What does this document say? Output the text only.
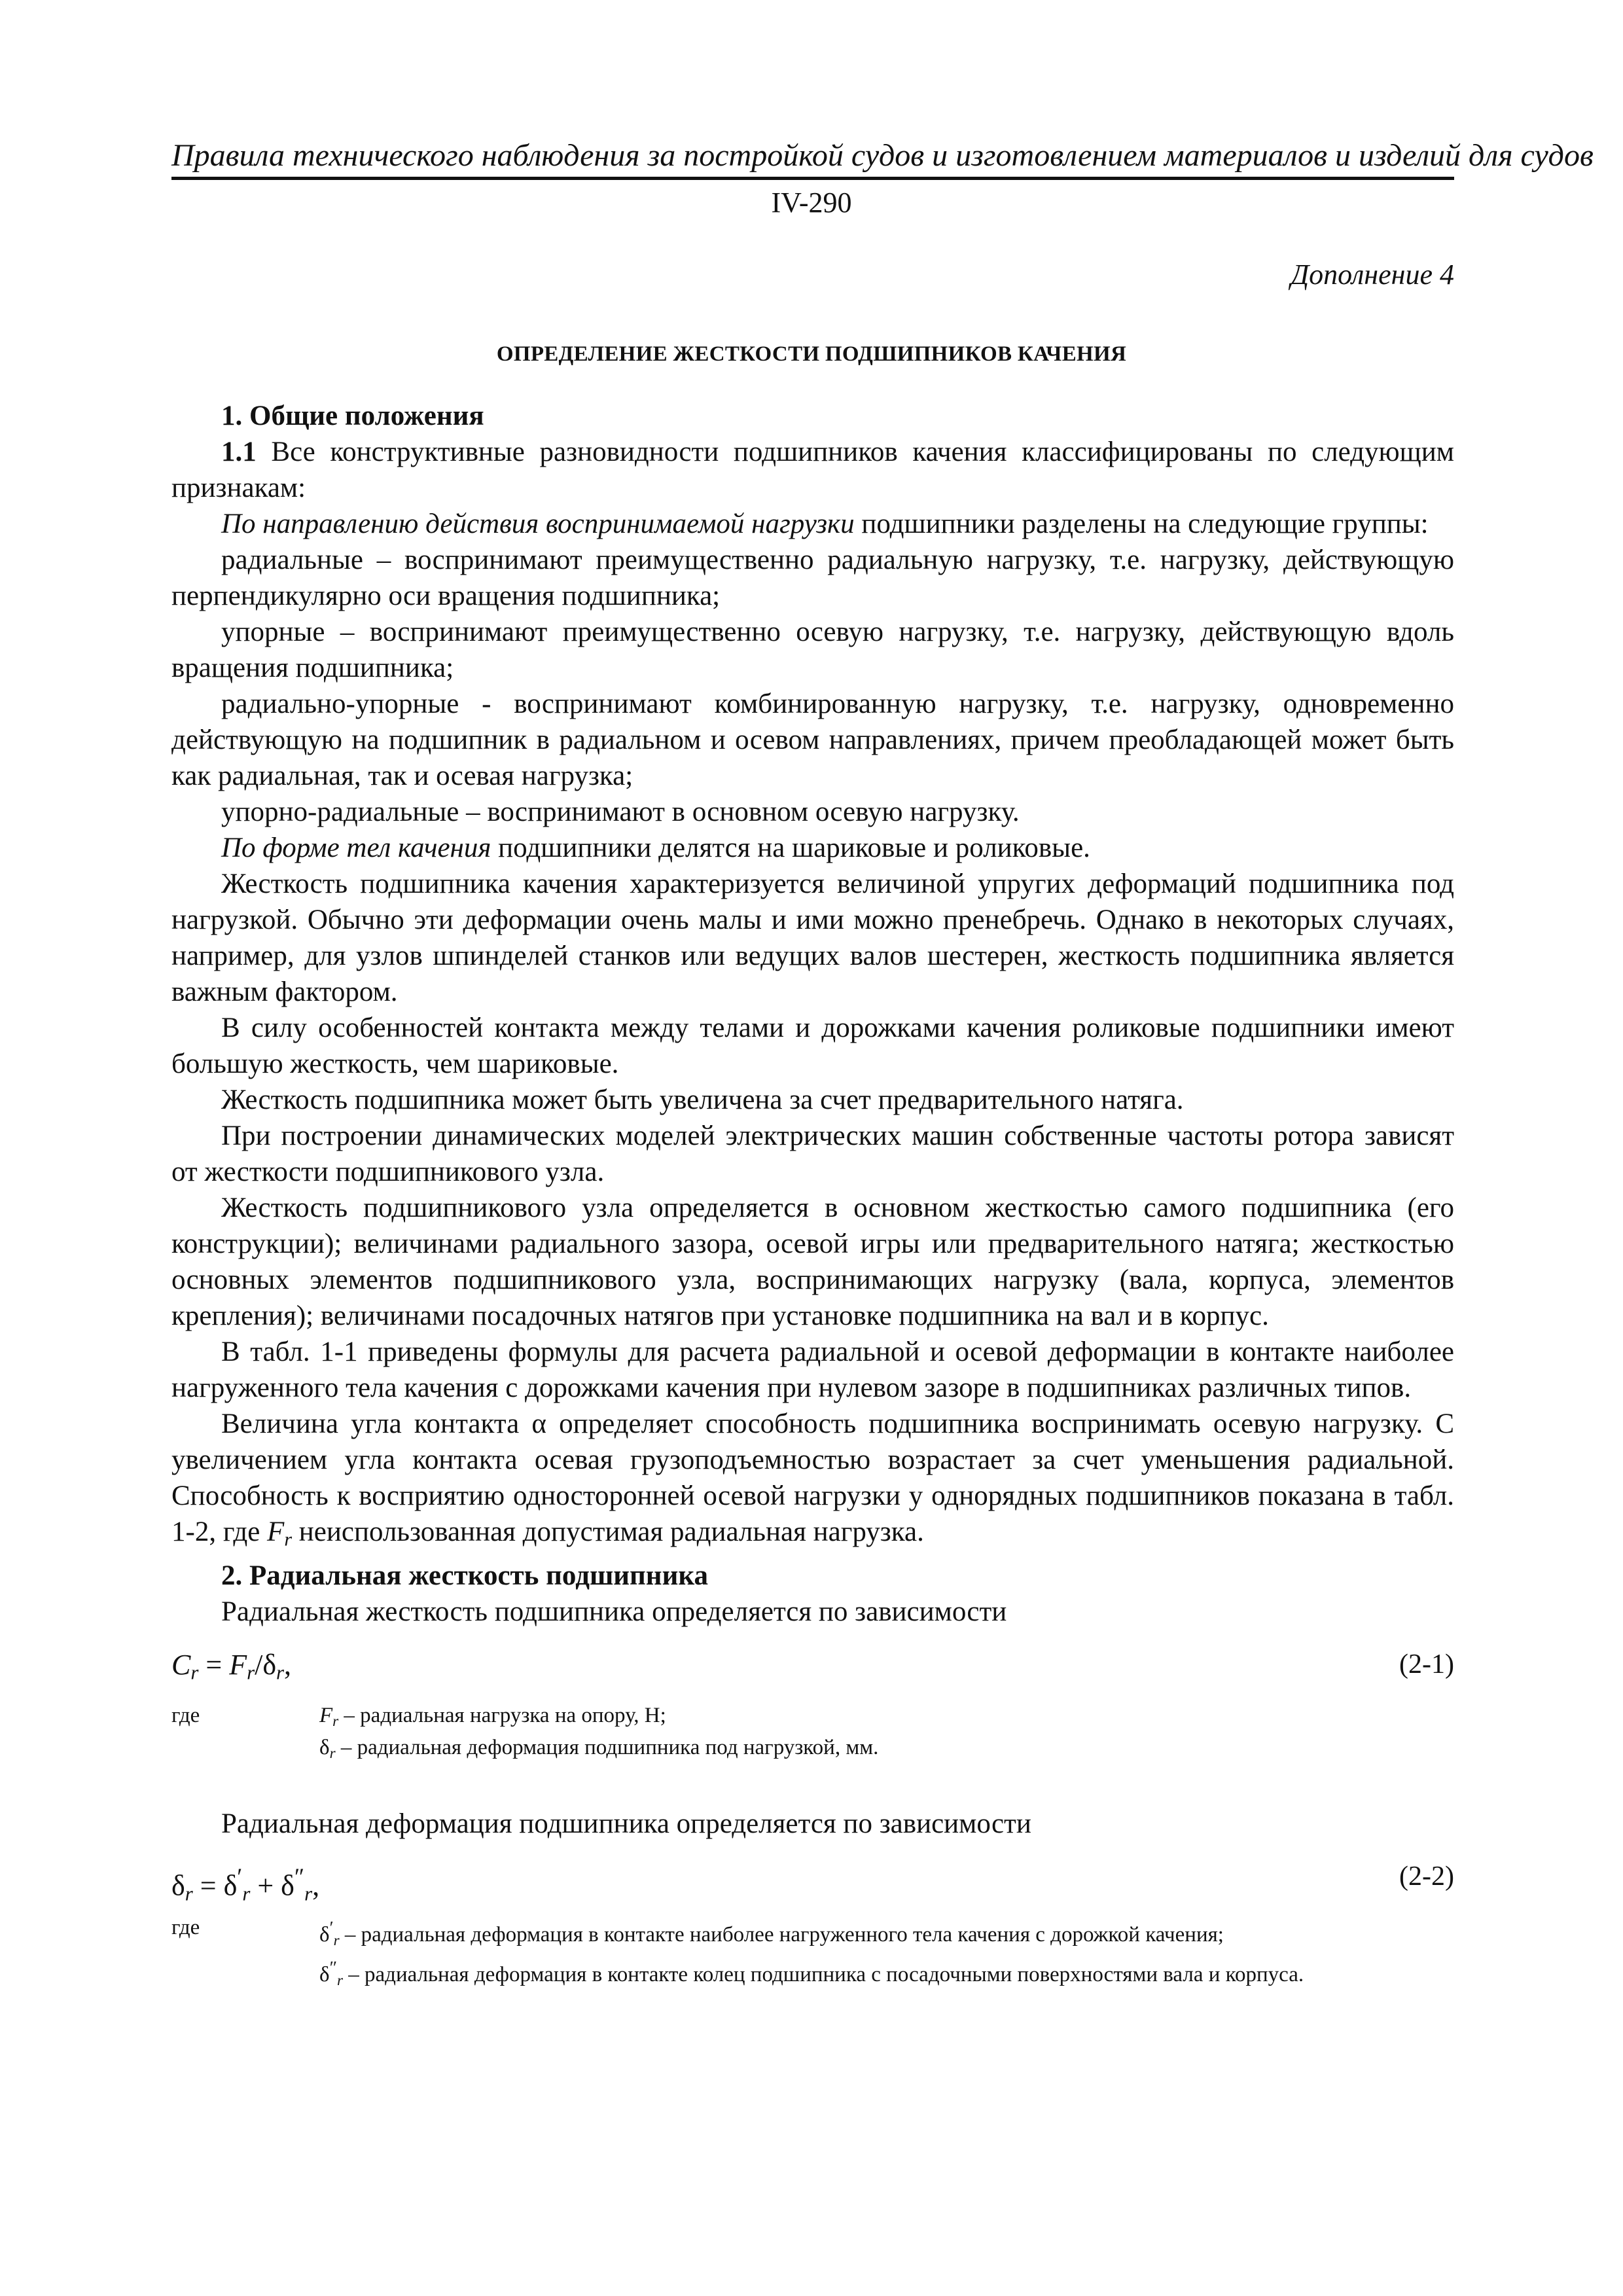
Правила технического наблюдения за постройкой судов и изготовлением материалов и изделий для судов
IV-290
Дополнение 4
ОПРЕДЕЛЕНИЕ ЖЕСТКОСТИ ПОДШИПНИКОВ КАЧЕНИЯ

1. Общие положения

1.1 Все конструктивные разновидности подшипников качения классифицированы по следующим признакам:

По направлению действия воспринимаемой нагрузки подшипники разделены на следующие группы:

радиальные – воспринимают преимущественно радиальную нагрузку, т.е. нагрузку, действующую перпендикулярно оси вращения подшипника;

упорные – воспринимают преимущественно осевую нагрузку, т.е. нагрузку, действующую вдоль вращения подшипника;

радиально-упорные - воспринимают комбинированную нагрузку, т.е. нагрузку, одновременно действующую на подшипник в радиальном и осевом направлениях, причем преобладающей может быть как радиальная, так и осевая нагрузка;

упорно-радиальные – воспринимают в основном осевую нагрузку.

По форме тел качения подшипники делятся на шариковые и роликовые.

Жесткость подшипника качения характеризуется величиной упругих деформаций подшипника под нагрузкой. Обычно эти деформации очень малы и ими можно пренебречь. Однако в некоторых случаях, например, для узлов шпинделей станков или ведущих валов шестерен, жесткость подшипника является важным фактором.

В силу особенностей контакта между телами и дорожками качения роликовые подшипники имеют большую жесткость, чем шариковые.

Жесткость подшипника может быть увеличена за счет предварительного натяга.

При построении динамических моделей электрических машин собственные частоты ротора зависят от жесткости подшипникового узла.

Жесткость подшипникового узла определяется в основном жесткостью самого подшипника (его конструкции); величинами радиального зазора, осевой игры или предварительного натяга; жесткостью основных элементов подшипникового узла, воспринимающих нагрузку (вала, корпуса, элементов крепления); величинами посадочных натягов при установке подшипника на вал и в корпус.

В табл. 1-1 приведены формулы для расчета радиальной и осевой деформации в контакте наиболее нагруженного тела качения с дорожками качения при нулевом зазоре в подшипниках различных типов.

Величина угла контакта α определяет способность подшипника воспринимать осевую нагрузку. С увеличением угла контакта осевая грузоподъемностью возрастает за счет уменьшения радиальной. Способность к восприятию односторонней осевой нагрузки у однорядных подшипников показана в табл. 1-2, где $F_r$ неиспользованная допустимая радиальная нагрузка.

2. Радиальная жесткость подшипника

Радиальная жесткость подшипника определяется по зависимости

$C_r = F_r/\delta_r$,	(2-1)
где	$F_r$ – радиальная нагрузка на опору, Н;
$\delta_r$ – радиальная деформация подшипника под нагрузкой, мм.

Радиальная деформация подшипника определяется по зависимости

$\delta_r = \delta'_r + \delta''_r$,	(2-2)
где	$\delta'_r$ – радиальная деформация в контакте наиболее нагруженного тела качения с дорожкой качения;
$\delta''_r$ – радиальная деформация в контакте колец подшипника с посадочными поверхностями вала и корпуса.
